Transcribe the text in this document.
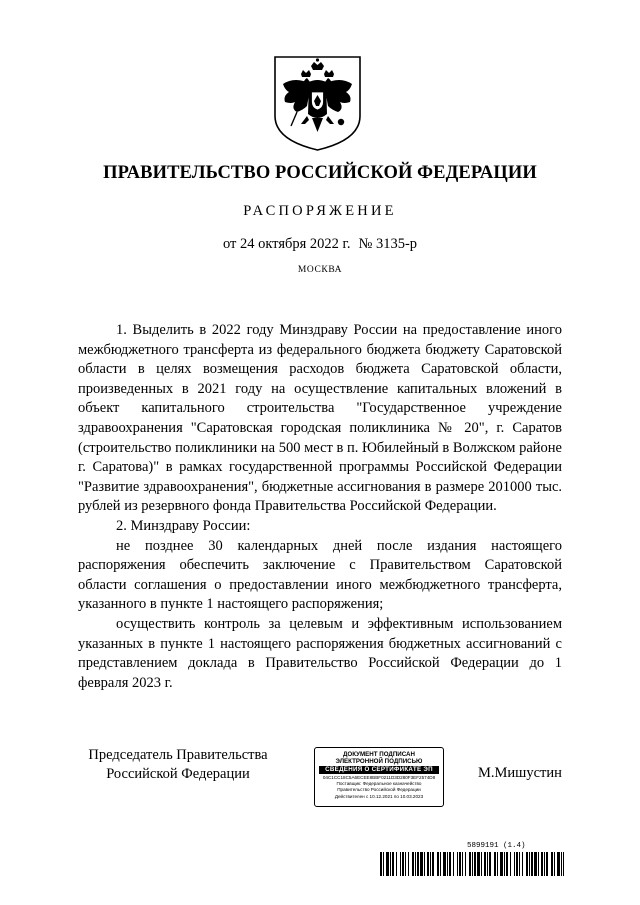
ПРАВИТЕЛЬСТВО РОССИЙСКОЙ ФЕДЕРАЦИИ
РАСПОРЯЖЕНИЕ
от 24 октября 2022 г. № 3135-р
МОСКВА

1. Выделить в 2022 году Минздраву России на предоставление иного межбюджетного трансферта из федерального бюджета бюджету Саратовской области в целях возмещения расходов бюджета Саратовской области, произведенных в 2021 году на осуществление капитальных вложений в объект капитального строительства "Государственное учреждение здравоохранения "Саратовская городская поликлиника № 20", г. Саратов (строительство поликлиники на 500 мест в п. Юбилейный в Волжском районе г. Саратова)" в рамках государственной программы Российской Федерации "Развитие здравоохранения", бюджетные ассигнования в размере 201000 тыс. рублей из резервного фонда Правительства Российской Федерации.

2. Минздраву России:

не позднее 30 календарных дней после издания настоящего распоряжения обеспечить заключение с Правительством Саратовской области соглашения о предоставлении иного межбюджетного трансферта, указанного в пункте 1 настоящего распоряжения;

осуществить контроль за целевым и эффективным использованием указанных в пункте 1 настоящего распоряжения бюджетных ассигнований с представлением доклада в Правительство Российской Федерации до 1 февраля 2023 г.

Председатель Правительства
Российской Федерации
ДОКУМЕНТ ПОДПИСАН
ЭЛЕКТРОННОЙ ПОДПИСЬЮ
СВЕДЕНИЯ О СЕРТИФИКАТЕ ЭП
04C1CC18C5A6ECEE8BBF0211D3D280F3EF2574D8
Поставщик: Федеральное казначейство
Правительство Российской Федерации
Действителен с 10.12.2021 по 10.03.2023
М.Мишустин
5899191 (1.4)
